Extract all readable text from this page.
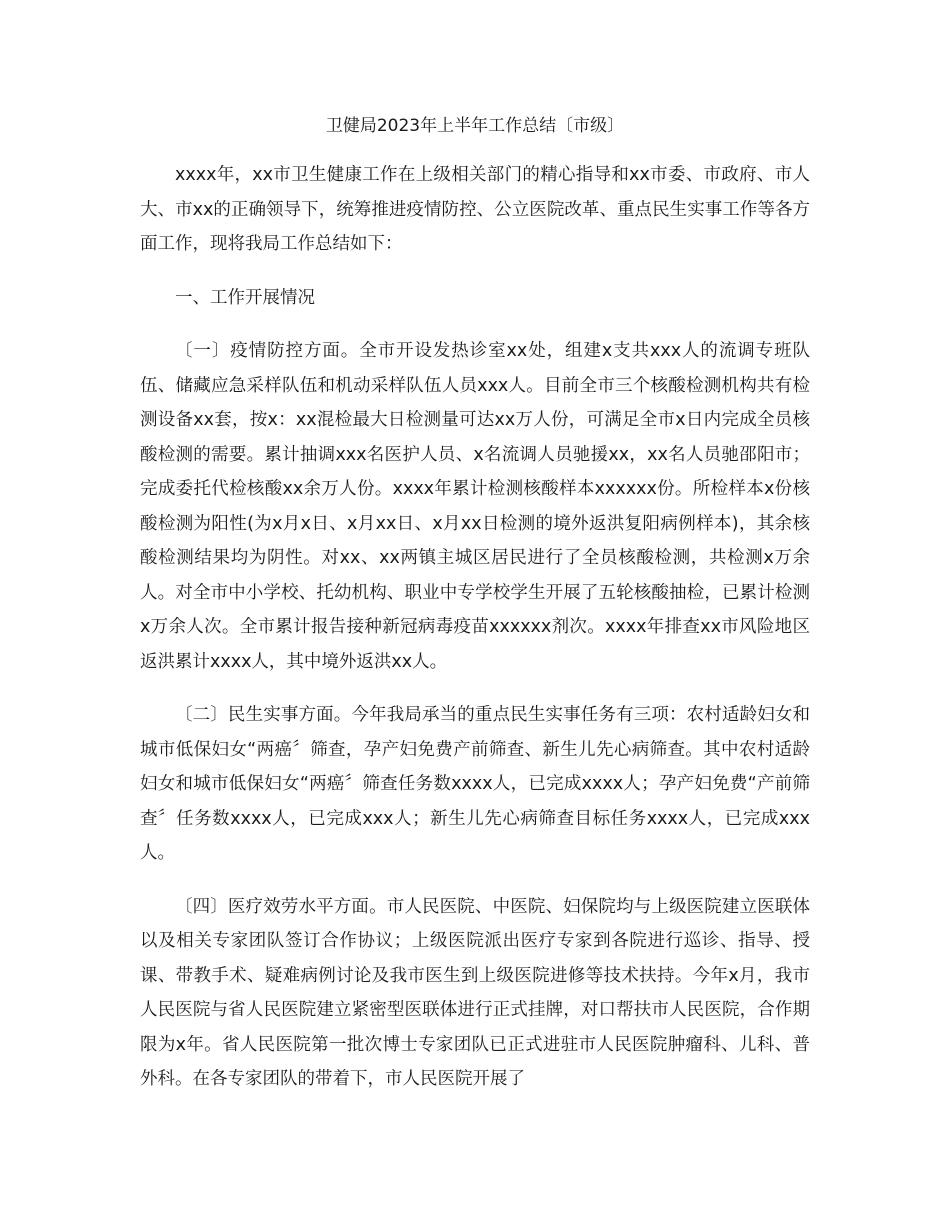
卫健局2023年上半年工作总结〔市级〕

xxxx年，xx市卫生健康工作在上级相关部门的精心指导和xx市委、市政府、市人大、市xx的正确领导下，统筹推进疫情防控、公立医院改革、重点民生实事工作等各方面工作，现将我局工作总结如下：

一、工作开展情况

〔一〕疫情防控方面。全市开设发热诊室xx处，组建x支共xxx人的流调专班队伍、储藏应急采样队伍和机动采样队伍人员xxx人。目前全市三个核酸检测机构共有检测设备xx套，按x：xx混检最大日检测量可达xx万人份，可满足全市x日内完成全员核酸检测的需要。累计抽调xxx名医护人员、x名流调人员驰援xx，xx名人员驰邵阳市；完成委托代检核酸xx余万人份。xxxx年累计检测核酸样本xxxxxx份。所检样本x份核酸检测为阳性(为x月x日、x月xx日、x月xx日检测的境外返洪复阳病例样本)，其余核酸检测结果均为阴性。对xx、xx两镇主城区居民进行了全员核酸检测，共检测x万余人。对全市中小学校、托幼机构、职业中专学校学生开展了五轮核酸抽检，已累计检测x万余人次。全市累计报告接种新冠病毒疫苗xxxxxx剂次。xxxx年排查xx市风险地区返洪累计xxxx人，其中境外返洪xx人。

〔二〕民生实事方面。今年我局承当的重点民生实事任务有三项：农村适龄妇女和城市低保妇女“两癌〞筛查，孕产妇免费产前筛查、新生儿先心病筛查。其中农村适龄妇女和城市低保妇女“两癌〞筛查任务数xxxx人，已完成xxxx人；孕产妇免费“产前筛查〞任务数xxxx人，已完成xxx人；新生儿先心病筛查目标任务xxxx人，已完成xxx人。

〔四〕医疗效劳水平方面。市人民医院、中医院、妇保院均与上级医院建立医联体以及相关专家团队签订合作协议；上级医院派出医疗专家到各院进行巡诊、指导、授课、带教手术、疑难病例讨论及我市医生到上级医院进修等技术扶持。今年x月，我市人民医院与省人民医院建立紧密型医联体进行正式挂牌，对口帮扶市人民医院，合作期限为x年。省人民医院第一批次博士专家团队已正式进驻市人民医院肿瘤科、儿科、普外科。在各专家团队的带着下，市人民医院开展了
